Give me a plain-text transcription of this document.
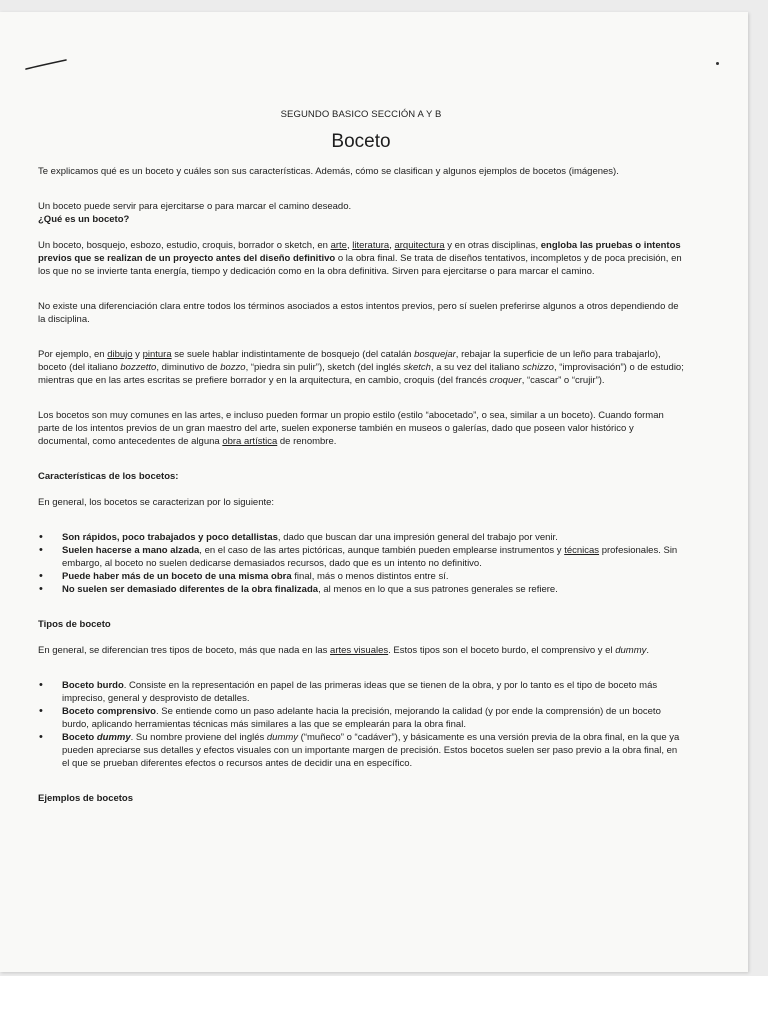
SEGUNDO BASICO SECCIÓN A Y B

Boceto

Te explicamos qué es un boceto y cuáles son sus características. Además, cómo se clasifican y algunos ejemplos de bocetos (imágenes).

Un boceto puede servir para ejercitarse o para marcar el camino deseado.

¿Qué es un boceto?

Un boceto, bosquejo, esbozo, estudio, croquis, borrador o sketch, en arte, literatura, arquitectura y en otras disciplinas, engloba las pruebas o intentos previos que se realizan de un proyecto antes del diseño definitivo o la obra final. Se trata de diseños tentativos, incompletos y de poca precisión, en los que no se invierte tanta energía, tiempo y dedicación como en la obra definitiva. Sirven para ejercitarse o para marcar el camino.

No existe una diferenciación clara entre todos los términos asociados a estos intentos previos, pero sí suelen preferirse algunos a otros dependiendo de la disciplina.

Por ejemplo, en dibujo y pintura se suele hablar indistintamente de bosquejo (del catalán bosquejar, rebajar la superficie de un leño para trabajarlo), boceto (del italiano bozzetto, diminutivo de bozzo, “piedra sin pulir”), sketch (del inglés sketch, a su vez del italiano schizzo, “improvisación”) o de estudio; mientras que en las artes escritas se prefiere borrador y en la arquitectura, en cambio, croquis (del francés croquer, “cascar” o “crujir”).

Los bocetos son muy comunes en las artes, e incluso pueden formar un propio estilo (estilo “abocetado”, o sea, similar a un boceto). Cuando forman parte de los intentos previos de un gran maestro del arte, suelen exponerse también en museos o galerías, dado que poseen valor histórico y documental, como antecedentes de alguna obra artística de renombre.

Características de los bocetos:

En general, los bocetos se caracterizan por lo siguiente:

• Son rápidos, poco trabajados y poco detallistas, dado que buscan dar una impresión general del trabajo por venir.
• Suelen hacerse a mano alzada, en el caso de las artes pictóricas, aunque también pueden emplearse instrumentos y técnicas profesionales. Sin embargo, al boceto no suelen dedicarse demasiados recursos, dado que es un intento no definitivo.
• Puede haber más de un boceto de una misma obra final, más o menos distintos entre sí.
• No suelen ser demasiado diferentes de la obra finalizada, al menos en lo que a sus patrones generales se refiere.

Tipos de boceto

En general, se diferencian tres tipos de boceto, más que nada en las artes visuales. Estos tipos son el boceto burdo, el comprensivo y el dummy.

• Boceto burdo. Consiste en la representación en papel de las primeras ideas que se tienen de la obra, y por lo tanto es el tipo de boceto más impreciso, general y desprovisto de detalles.
• Boceto comprensivo. Se entiende como un paso adelante hacia la precisión, mejorando la calidad (y por ende la comprensión) de un boceto burdo, aplicando herramientas técnicas más similares a las que se emplearán para la obra final.
• Boceto dummy. Su nombre proviene del inglés dummy (“muñeco” o “cadáver”), y básicamente es una versión previa de la obra final, en la que ya pueden apreciarse sus detalles y efectos visuales con un importante margen de precisión. Estos bocetos suelen ser paso previo a la obra final, en el que se prueban diferentes efectos o recursos antes de decidir una en específico.

Ejemplos de bocetos
